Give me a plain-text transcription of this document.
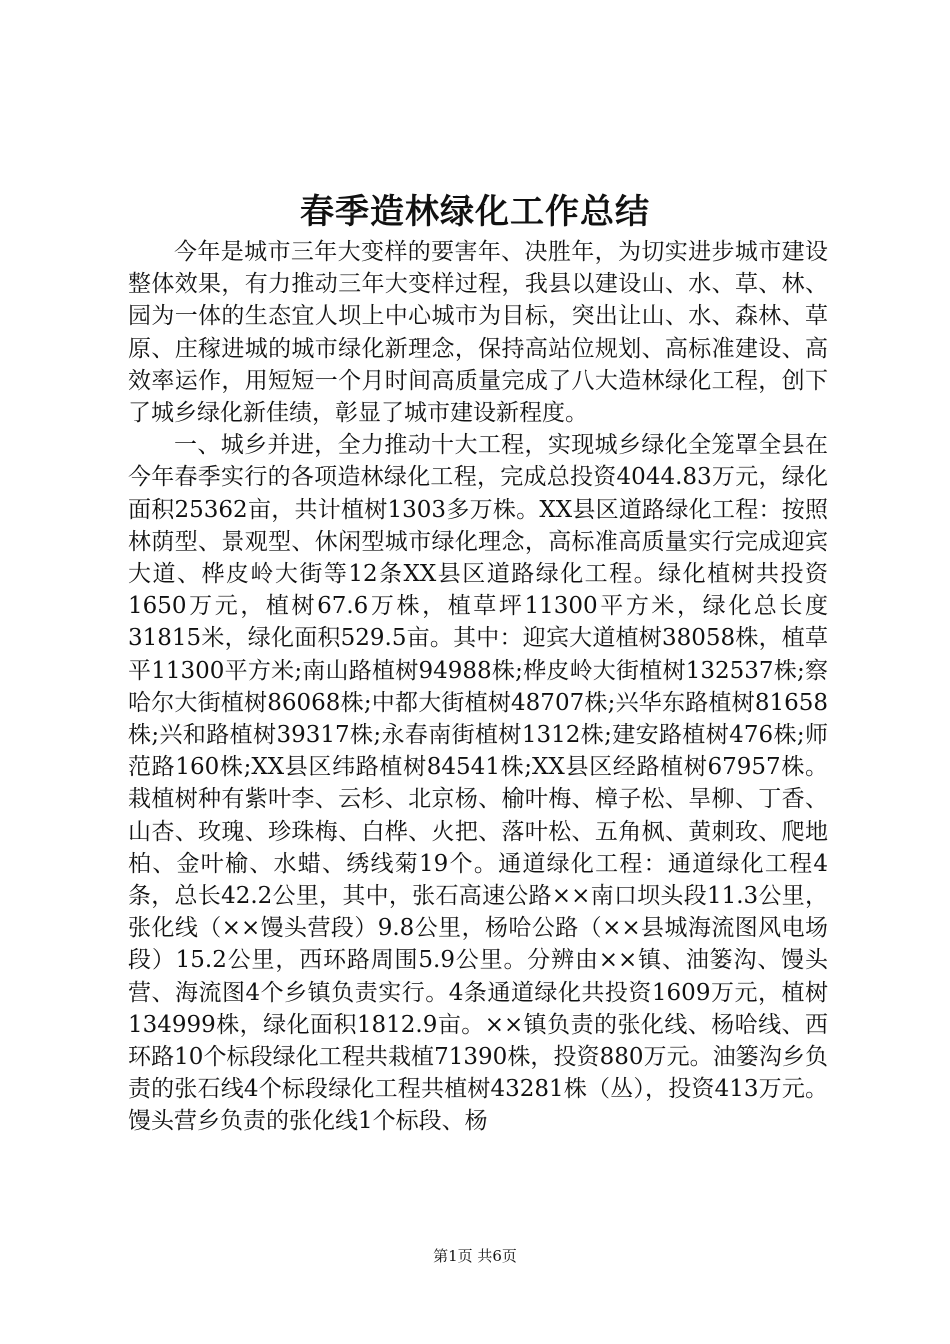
春季造林绿化工作总结

今年是城市三年大变样的要害年、决胜年，为切实进步城市建设整体效果，有力推动三年大变样过程，我县以建设山、水、草、林、园为一体的生态宜人坝上中心城市为目标，突出让山、水、森林、草原、庄稼进城的城市绿化新理念，保持高站位规划、高标准建设、高效率运作，用短短一个月时间高质量完成了八大造林绿化工程，创下了城乡绿化新佳绩，彰显了城市建设新程度。

一、城乡并进，全力推动十大工程，实现城乡绿化全笼罩全县在今年春季实行的各项造林绿化工程，完成总投资4044.83万元，绿化面积25362亩，共计植树1303多万株。XX县区道路绿化工程：按照林荫型、景观型、休闲型城市绿化理念，高标准高质量实行完成迎宾大道、桦皮岭大街等12条XX县区道路绿化工程。绿化植树共投资1650万元，植树67.6万株，植草坪11300平方米，绿化总长度31815米，绿化面积529.5亩。其中：迎宾大道植树38058株，植草平11300平方米;南山路植树94988株;桦皮岭大街植树132537株;察哈尔大街植树86068株;中都大街植树48707株;兴华东路植树81658株;兴和路植树39317株;永春南街植树1312株;建安路植树476株;师范路160株;XX县区纬路植树84541株;XX县区经路植树67957株。栽植树种有紫叶李、云杉、北京杨、榆叶梅、樟子松、旱柳、丁香、山杏、玫瑰、珍珠梅、白桦、火把、落叶松、五角枫、黄刺玫、爬地柏、金叶榆、水蜡、绣线菊19个。通道绿化工程：通道绿化工程4条，总长42.2公里，其中，张石高速公路××南口坝头段11.3公里，张化线（××馒头营段）9.8公里，杨哈公路（××县城海流图风电场段）15.2公里，西环路周围5.9公里。分辨由××镇、油篓沟、馒头营、海流图4个乡镇负责实行。4条通道绿化共投资1609万元，植树134999株，绿化面积1812.9亩。××镇负责的张化线、杨哈线、西环路10个标段绿化工程共栽植71390株，投资880万元。油篓沟乡负责的张石线4个标段绿化工程共植树43281株（丛），投资413万元。馒头营乡负责的张化线1个标段、杨

第1页 共6页
